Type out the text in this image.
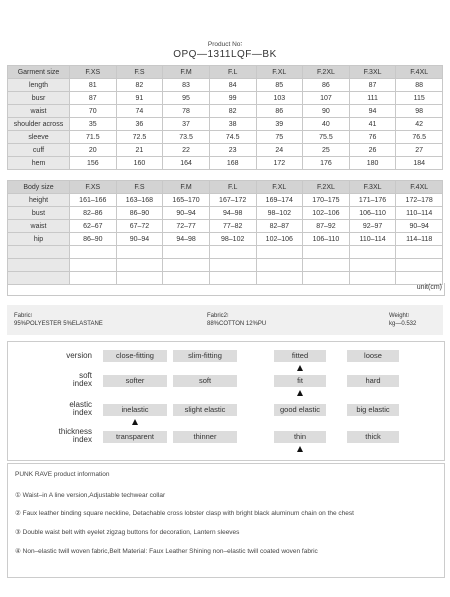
Product No∶
OPQ—1311LQF—BK
Garment size	F.XS	F.S	F.M	F.L	F.XL	F.2XL	F.3XL	F.4XL
length	81	82	83	84	85	86	87	88
busr	87	91	95	99	103	107	111	115
waist	70	74	78	82	86	90	94	98
shoulder across	35	36	37	38	39	40	41	42
sleeve	71.5	72.5	73.5	74.5	75	75.5	76	76.5
cuff	20	21	22	23	24	25	26	27
hem	156	160	164	168	172	176	180	184
Body size	F.XS	F.S	F.M	F.L	F.XL	F.2XL	F.3XL	F.4XL
height	161–166	163–168	165–170	167–172	169–174	170–175	171–176	172–178
bust	82–86	86–90	90–94	94–98	98–102	102–106	106–110	110–114
waist	62–67	67–72	72–77	77–82	82–87	87–92	92–97	90–94
hip	86–90	90–94	94–98	98–102	102–106	106–110	110–114	114–118

unit(cm)
Fabric∶
95%POLYESTER 5%ELASTANE
Fabric2∶
88%COTTON 12%PU
Weight∶
kg—0.532
version	close-fitting	slim-fitting	fitted	loose
soft
index	softer	soft	fit	hard
elastic
index	inelastic	slight elastic	good elastic	big elastic
thickness
index	transparent	thinner	thin	thick
PUNK RAVE product information
① Waist–in A line version,Adjustable techwear collar
② Faux leather binding square neckline, Detachable cross lobster clasp with bright black aluminum chain on the chest
③ Double waist belt with eyelet zigzag buttons for decoration, Lantern sleeves
④ Non–elastic twill woven fabric,Belt Material: Faux Leather Shining non–elastic twill coated woven fabric
